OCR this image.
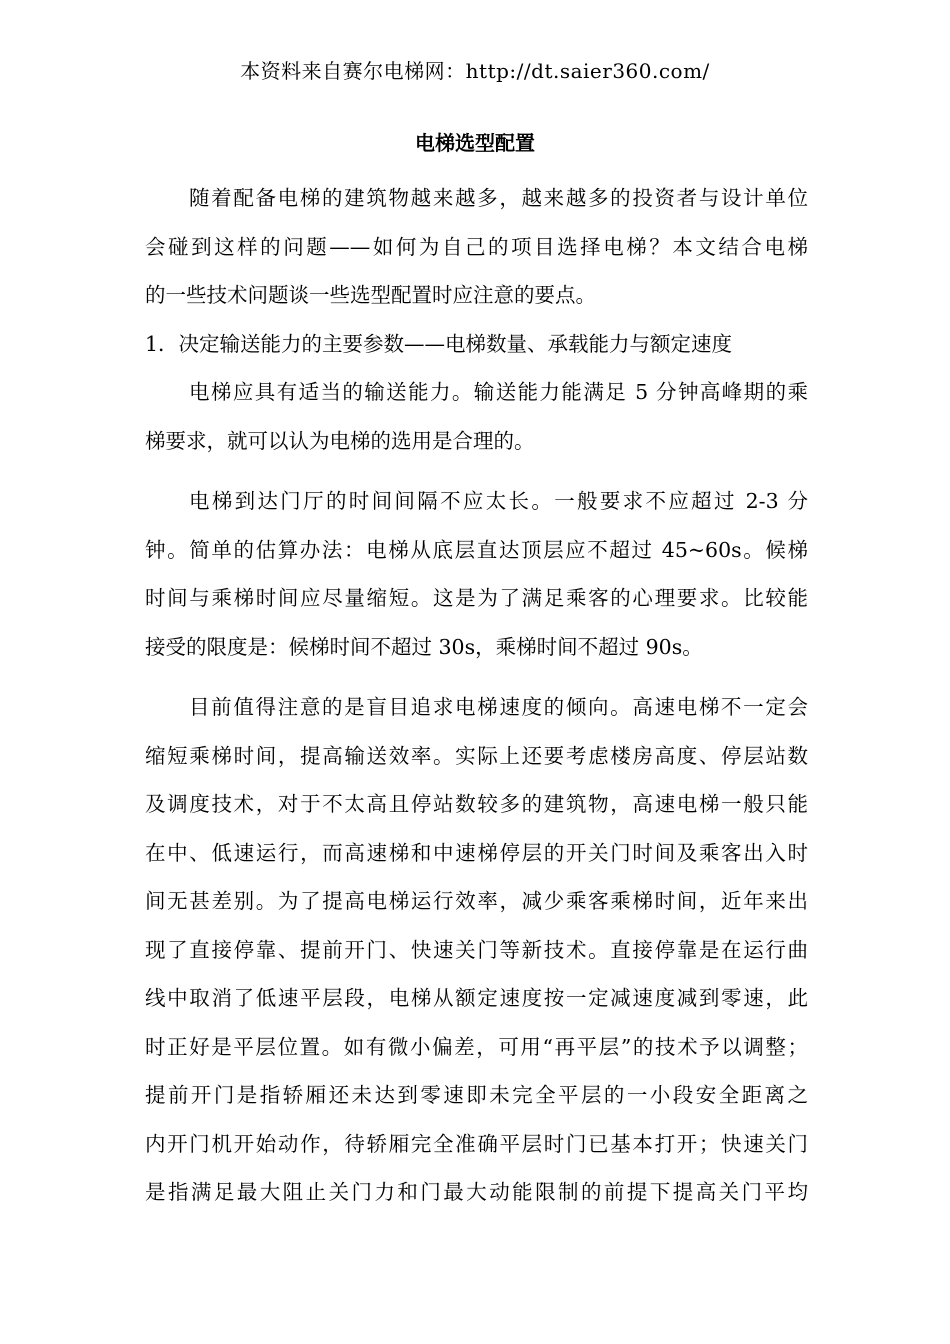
本资料来自赛尔电梯网：http://dt.saier360.com/
电梯选型配置
随着配备电梯的建筑物越来越多，越来越多的投资者与设计单位
会碰到这样的问题——如何为自己的项目选择电梯？本文结合电梯
的一些技术问题谈一些选型配置时应注意的要点。
1．决定输送能力的主要参数——电梯数量、承载能力与额定速度
电梯应具有适当的输送能力。输送能力能满足 5 分钟高峰期的乘
梯要求，就可以认为电梯的选用是合理的。
电梯到达门厅的时间间隔不应太长。一般要求不应超过 2-3 分
钟。简单的估算办法：电梯从底层直达顶层应不超过 45~60s。候梯
时间与乘梯时间应尽量缩短。这是为了满足乘客的心理要求。比较能
接受的限度是：候梯时间不超过 30s，乘梯时间不超过 90s。
目前值得注意的是盲目追求电梯速度的倾向。高速电梯不一定会
缩短乘梯时间，提高输送效率。实际上还要考虑楼房高度、停层站数
及调度技术，对于不太高且停站数较多的建筑物，高速电梯一般只能
在中、低速运行，而高速梯和中速梯停层的开关门时间及乘客出入时
间无甚差别。为了提高电梯运行效率，减少乘客乘梯时间，近年来出
现了直接停靠、提前开门、快速关门等新技术。直接停靠是在运行曲
线中取消了低速平层段，电梯从额定速度按一定减速度减到零速，此
时正好是平层位置。如有微小偏差，可用“再平层”的技术予以调整；
提前开门是指轿厢还未达到零速即未完全平层的一小段安全距离之
内开门机开始动作，待轿厢完全准确平层时门已基本打开；快速关门
是指满足最大阻止关门力和门最大动能限制的前提下提高关门平均
